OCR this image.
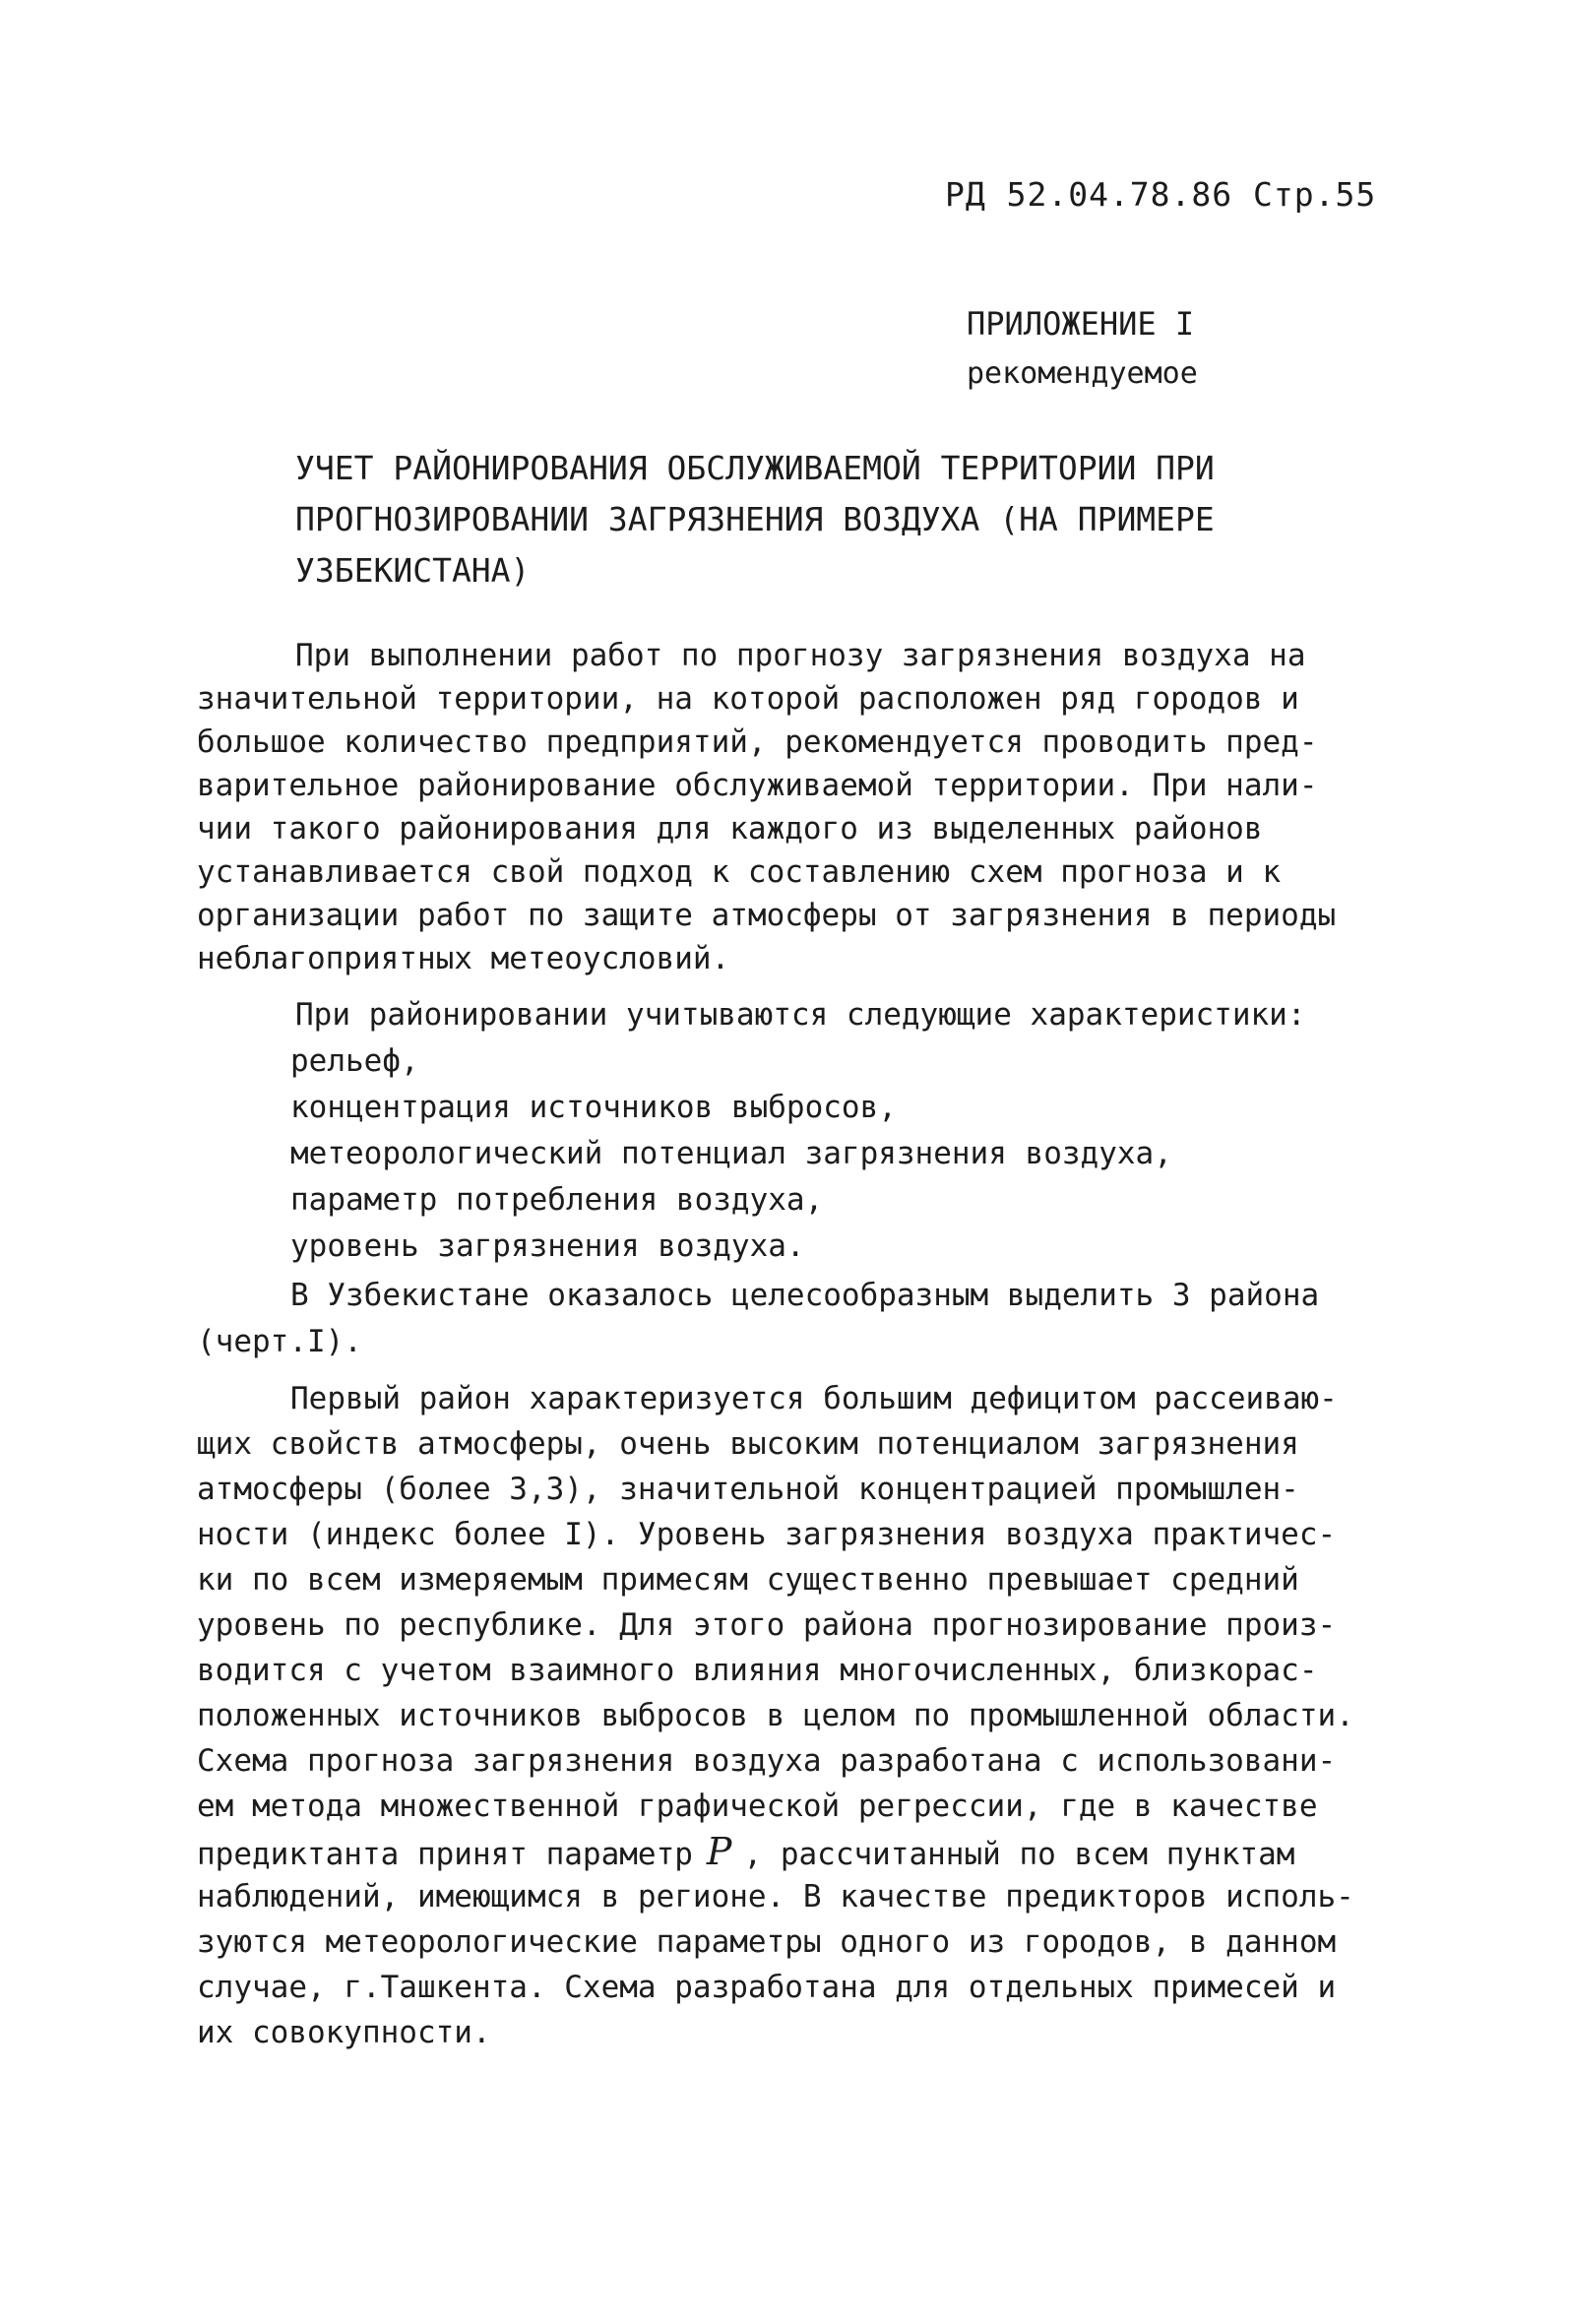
РД 52.04.78.86 Стр.55
ПРИЛОЖЕНИЕ I
рекомендуемое
УЧЕТ РАЙОНИРОВАНИЯ ОБСЛУЖИВАЕМОЙ ТЕРРИТОРИИ ПРИ
ПРОГНОЗИРОВАНИИ ЗАГРЯЗНЕНИЯ ВОЗДУХА (НА ПРИМЕРЕ
УЗБЕКИСТАНА)
При выполнении работ по прогнозу загрязнения воздуха на
значительной территории, на которой расположен ряд городов и
большое количество предприятий, рекомендуется проводить пред-
варительное районирование обслуживаемой территории. При нали-
чии такого районирования для каждого из выделенных районов
устанавливается свой подход к составлению схем прогноза и к
организации работ по защите атмосферы от загрязнения в периоды
неблагоприятных метеоусловий.
При районировании учитываются следующие характеристики:
рельеф,
концентрация источников выбросов,
метеорологический потенциал загрязнения воздуха,
параметр потребления воздуха,
уровень загрязнения воздуха.
В Узбекистане оказалось целесообразным выделить 3 района
(черт.I).
Первый район характеризуется большим дефицитом рассеиваю-
щих свойств атмосферы, очень высоким потенциалом загрязнения
атмосферы (более 3,3), значительной концентрацией промышлен-
ности (индекс более I). Уровень загрязнения воздуха практичес-
ки по всем измеряемым примесям существенно превышает средний
уровень по республике. Для этого района прогнозирование произ-
водится с учетом взаимного влияния многочисленных, близкорас-
положенных источников выбросов в целом по промышленной области.
Схема прогноза загрязнения воздуха разработана с использовани-
ем метода множественной графической регрессии, где в качестве
предиктанта принят параметр P , рассчитанный по всем пунктам
наблюдений, имеющимся в регионе. В качестве предикторов исполь-
зуются метеорологические параметры одного из городов, в данном
случае, г.Ташкента. Схема разработана для отдельных примесей и
их совокупности.
